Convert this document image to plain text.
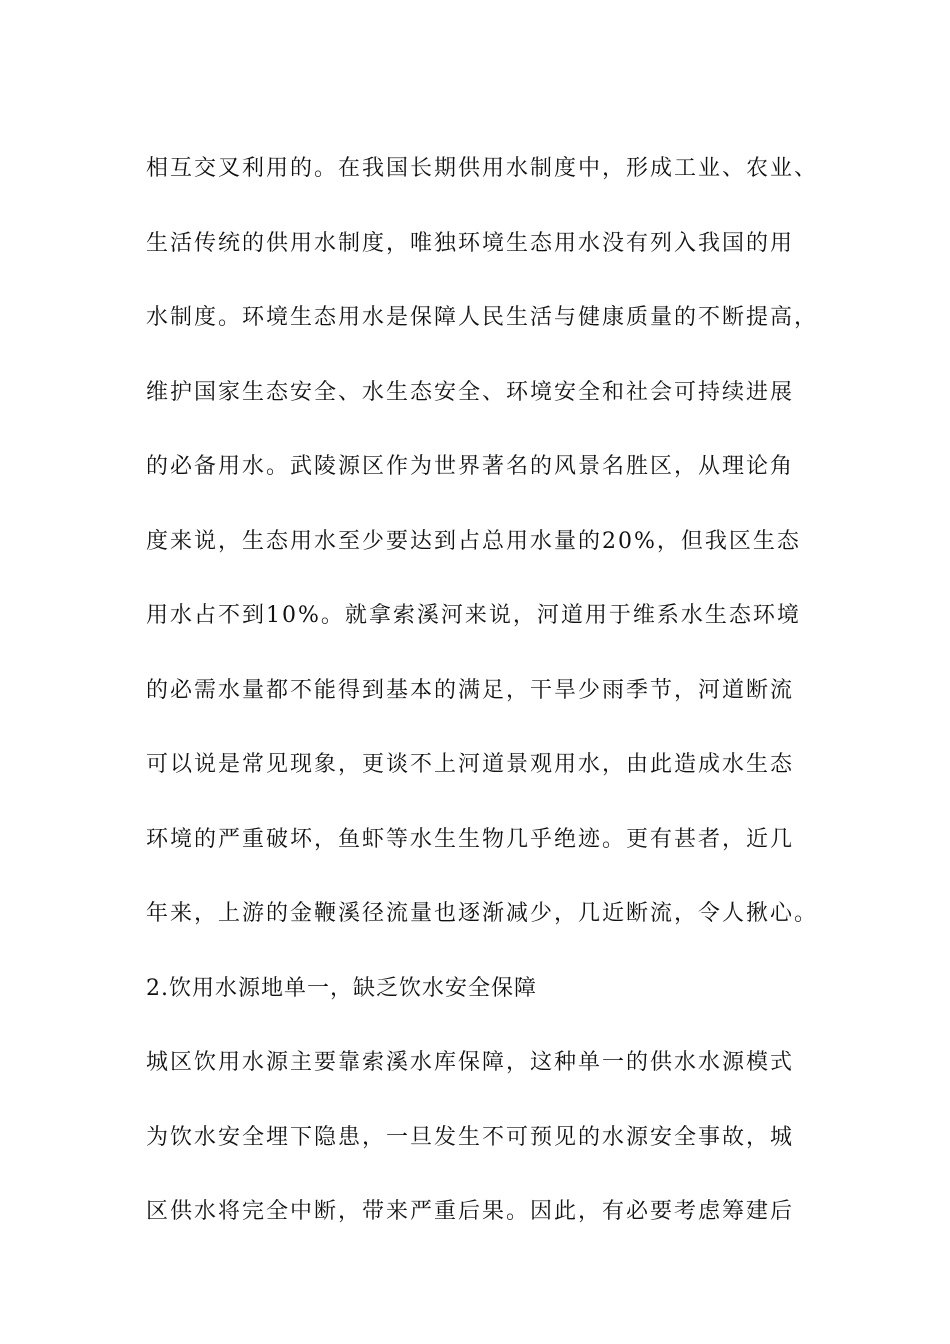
相互交叉利用的。在我国长期供用水制度中，形成工业、农业、
生活传统的供用水制度，唯独环境生态用水没有列入我国的用
水制度。环境生态用水是保障人民生活与健康质量的不断提高，
维护国家生态安全、水生态安全、环境安全和社会可持续进展
的必备用水。武陵源区作为世界著名的风景名胜区，从理论角
度来说，生态用水至少要达到占总用水量的20%，但我区生态
用水占不到10%。就拿索溪河来说，河道用于维系水生态环境
的必需水量都不能得到基本的满足，干旱少雨季节，河道断流
可以说是常见现象，更谈不上河道景观用水，由此造成水生态
环境的严重破坏，鱼虾等水生生物几乎绝迹。更有甚者，近几
年来，上游的金鞭溪径流量也逐渐减少，几近断流，令人揪心。
2.饮用水源地单一，缺乏饮水安全保障
城区饮用水源主要靠索溪水库保障，这种单一的供水水源模式
为饮水安全埋下隐患，一旦发生不可预见的水源安全事故，城
区供水将完全中断，带来严重后果。因此，有必要考虑筹建后
